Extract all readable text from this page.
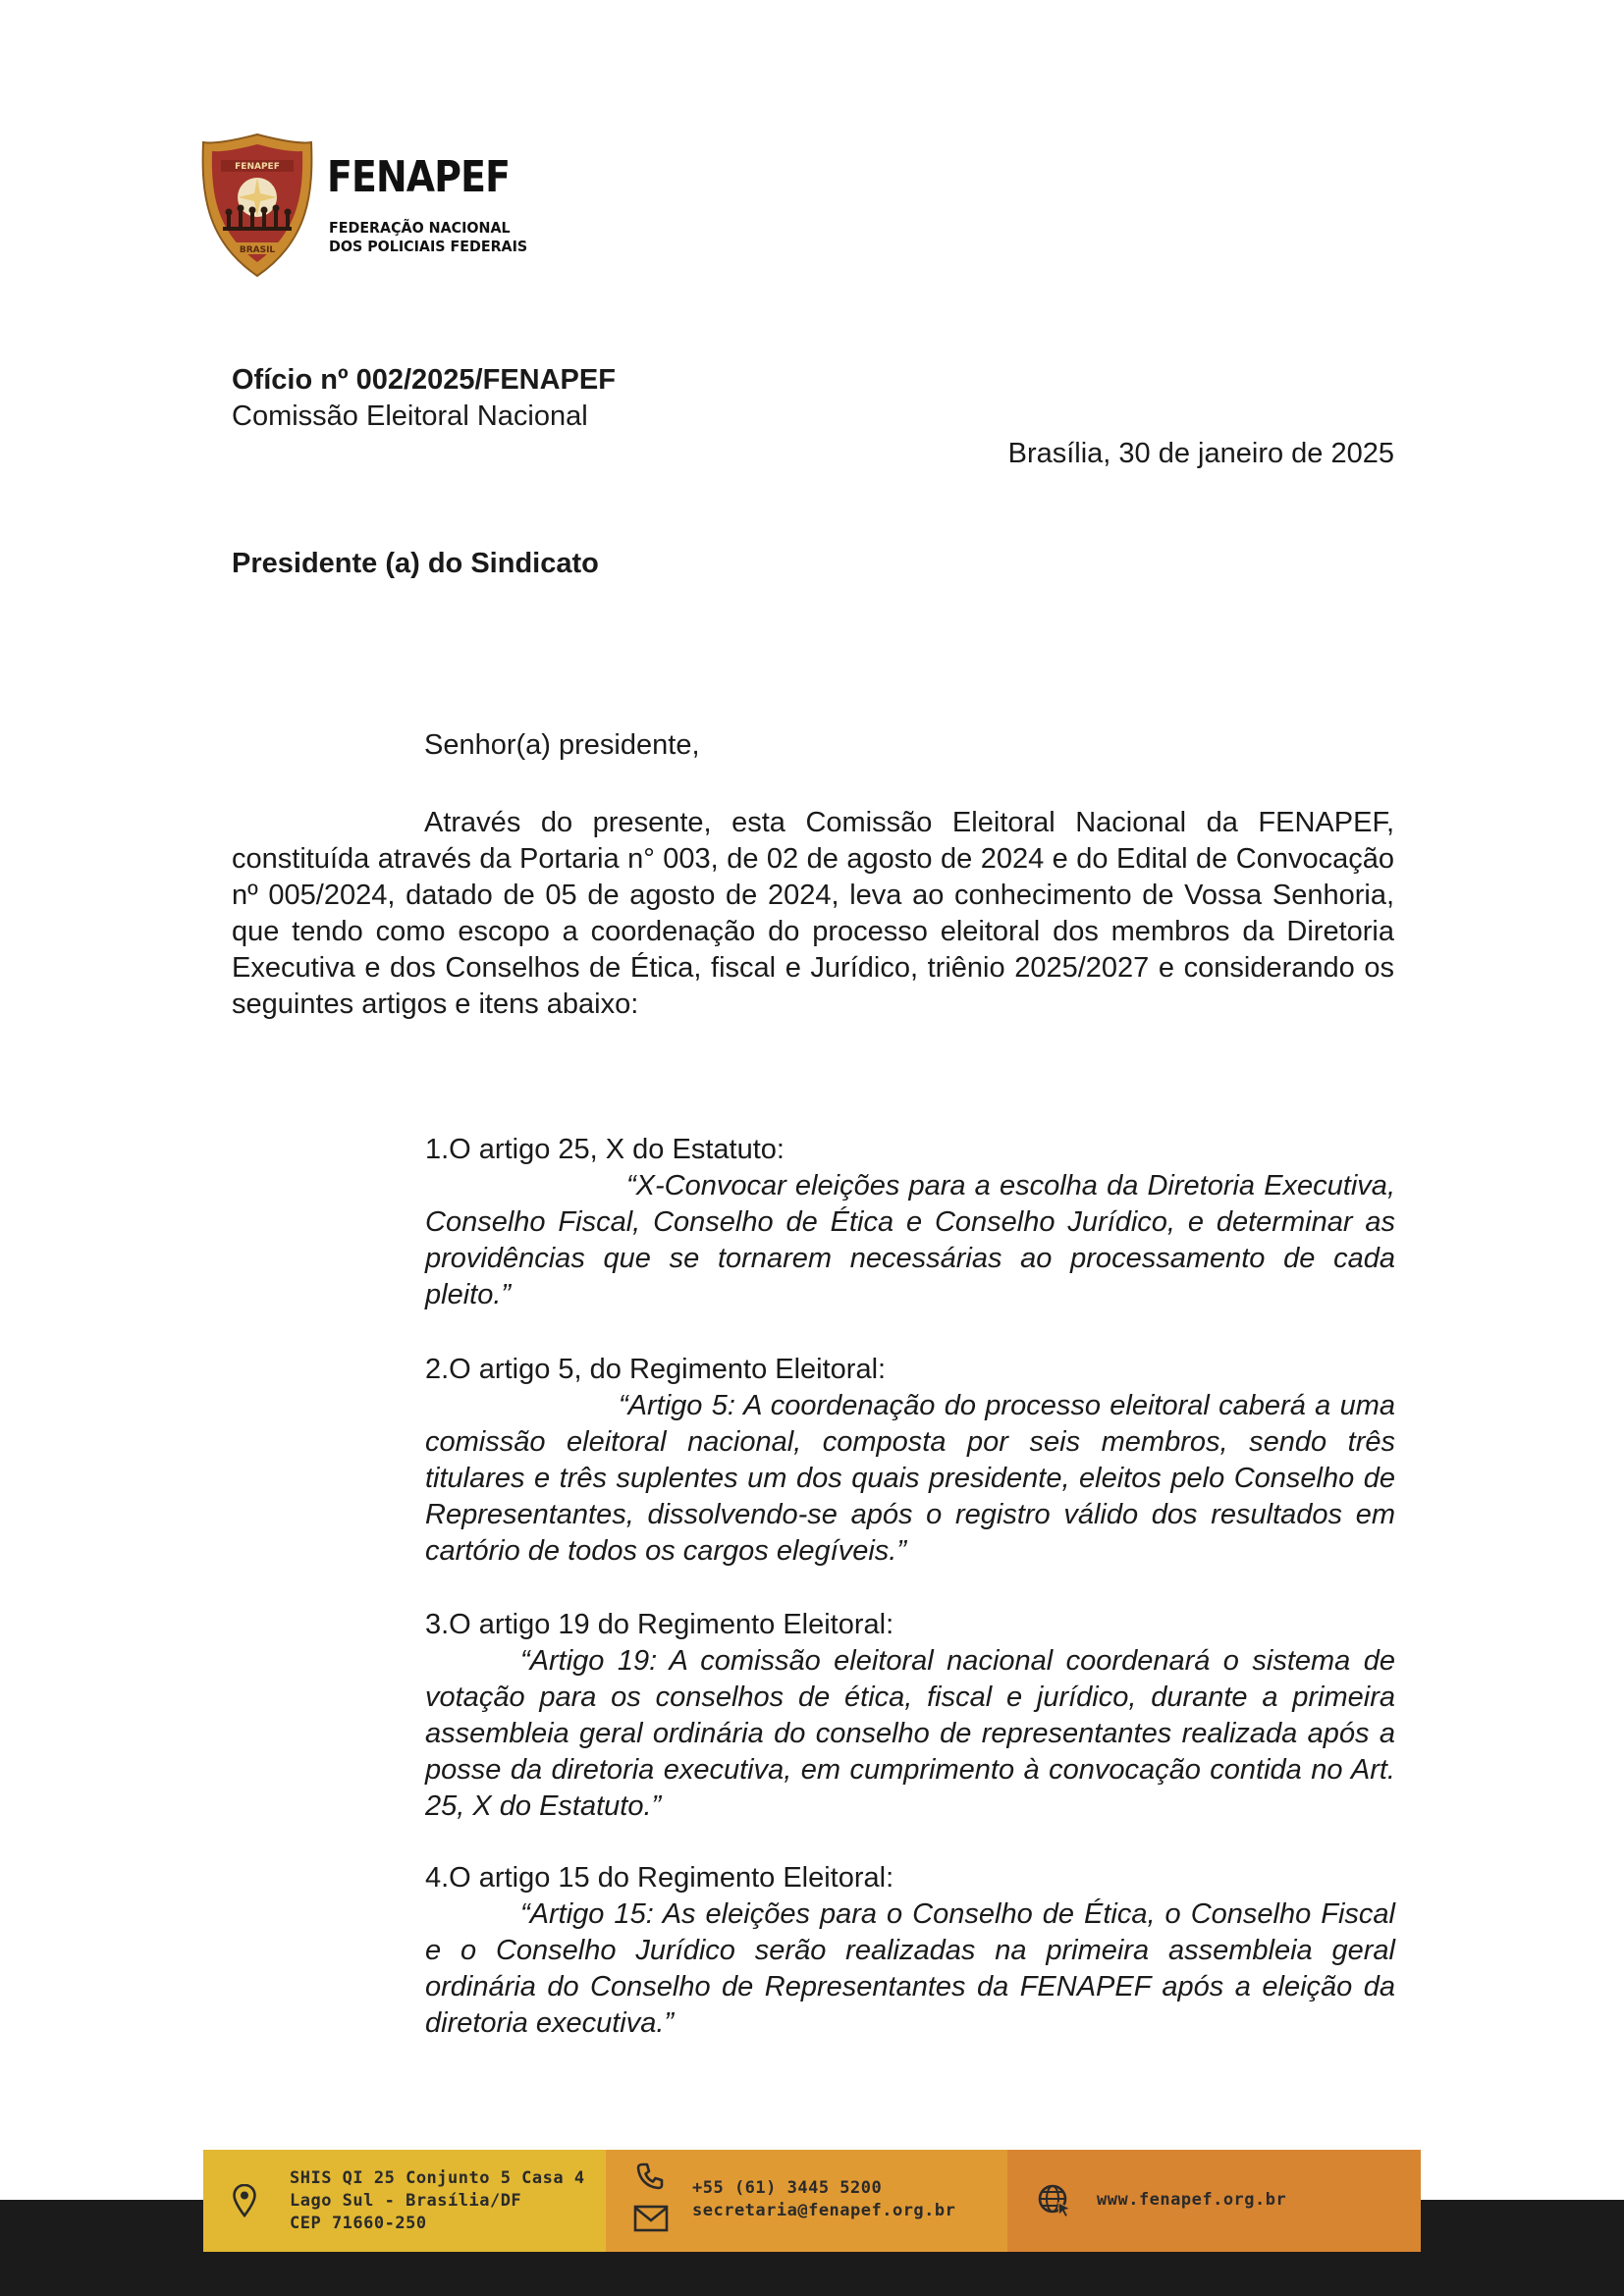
FENAPEF
BRASIL
FENAPEF
FEDERAÇÃO NACIONAL
DOS POLICIAIS FEDERAIS
Ofício nº 002/2025/FENAPEF
Comissão Eleitoral Nacional
Brasília, 30 de janeiro de 2025
Presidente (a) do Sindicato
Senhor(a) presidente,
Através do presente, esta Comissão Eleitoral Nacional da FENAPEF, constituída através da Portaria n° 003, de 02 de agosto de 2024 e do Edital de Convocação nº 005/2024, datado de 05 de agosto de 2024, leva ao conhecimento de Vossa Senhoria, que tendo como escopo a coordenação do processo eleitoral dos membros da Diretoria Executiva e dos Conselhos de Ética, fiscal e Jurídico, triênio 2025/2027 e considerando os seguintes artigos e itens abaixo:

1.O artigo 25, X do Estatuto:

“X-Convocar eleições para a escolha da Diretoria Executiva, Conselho Fiscal, Conselho de Ética e Conselho Jurídico, e determinar as providências que se tornarem necessárias ao processamento de cada pleito.”

2.O artigo 5, do Regimento Eleitoral:

“Artigo 5: A coordenação do processo eleitoral caberá a uma comissão eleitoral nacional, composta por seis membros, sendo três titulares e três suplentes um dos quais presidente, eleitos pelo Conselho de Representantes, dissolvendo-se após o registro válido dos resultados em cartório de todos os cargos elegíveis.”

3.O artigo 19 do Regimento Eleitoral:

“Artigo 19: A comissão eleitoral nacional coordenará o sistema de votação para os conselhos de ética, fiscal e jurídico, durante a primeira assembleia geral ordinária do conselho de representantes realizada após a posse da diretoria executiva, em cumprimento à convocação contida no Art. 25, X do Estatuto.”

4.O artigo 15 do Regimento Eleitoral:

“Artigo 15: As eleições para o Conselho de Ética, o Conselho Fiscal e o Conselho Jurídico serão realizadas na primeira assembleia geral ordinária do Conselho de Representantes da FENAPEF após a eleição da diretoria executiva.”

SHIS QI 25 Conjunto 5 Casa 4
Lago Sul - Brasília/DF
CEP 71660-250
+55 (61) 3445 5200
secretaria@fenapef.org.br
www.fenapef.org.br
